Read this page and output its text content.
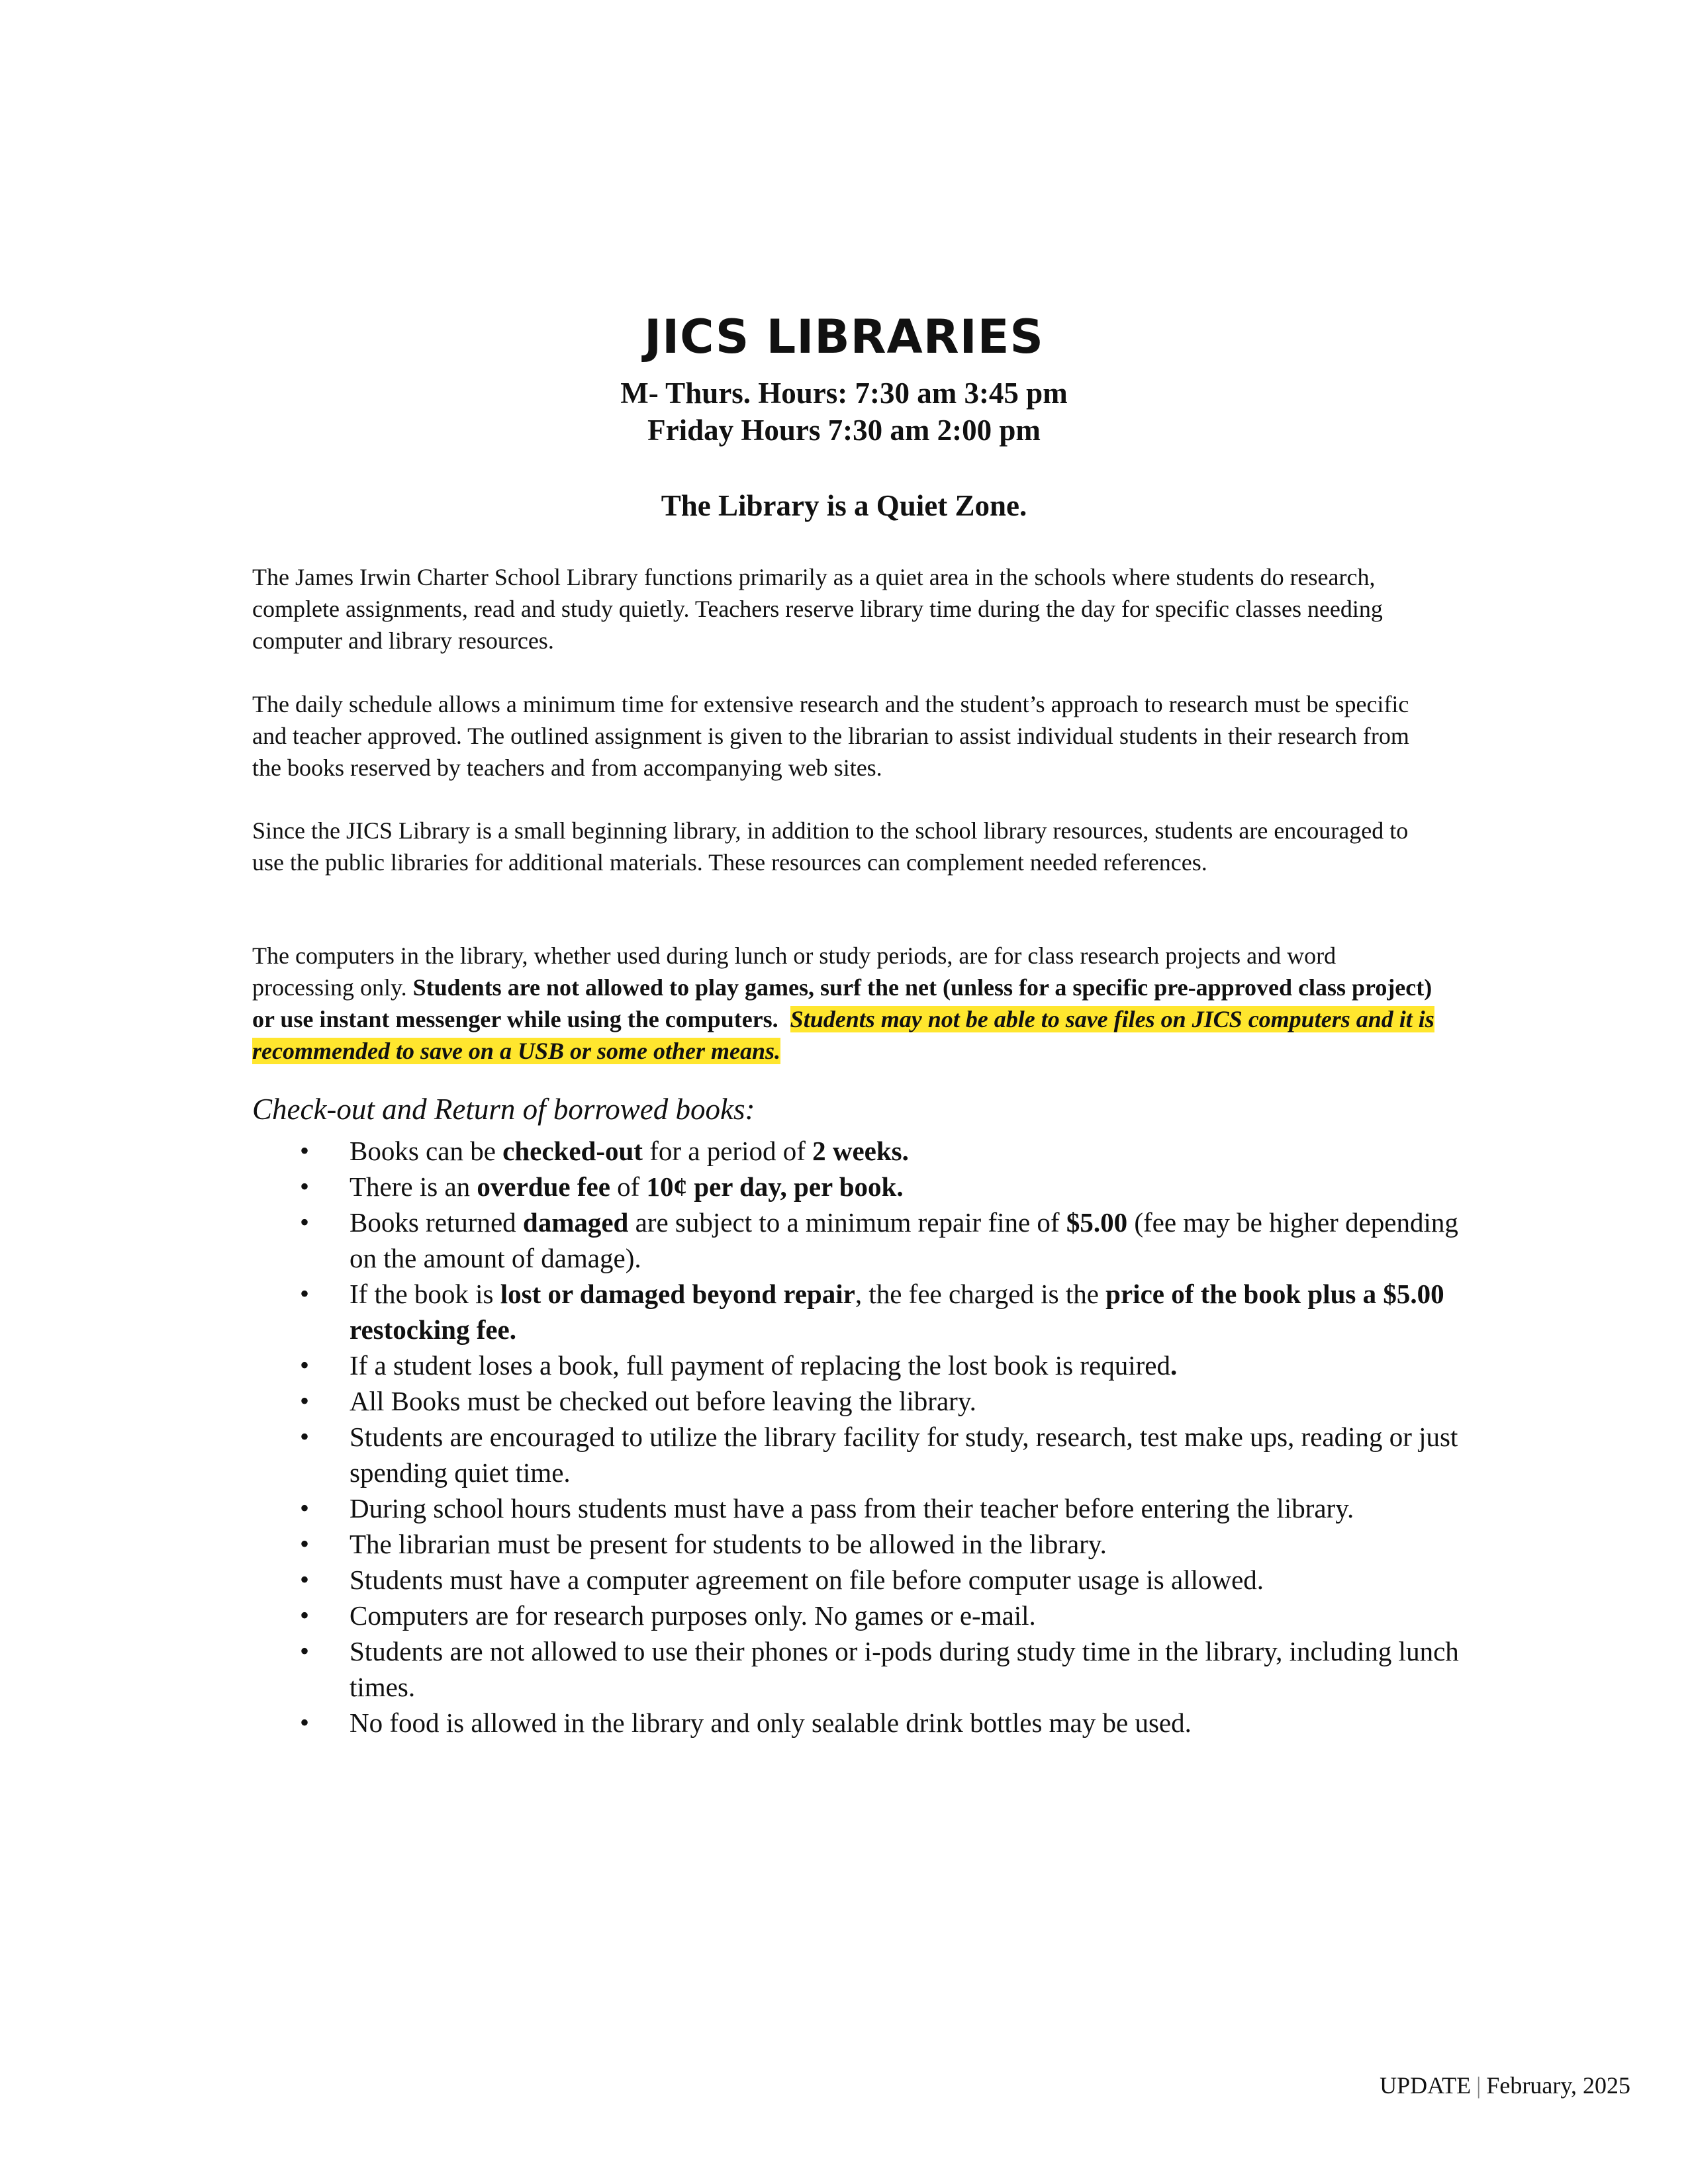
JICS LIBRARIES

M- Thurs. Hours: 7:30 am 3:45 pm

Friday Hours 7:30 am 2:00 pm

The Library is a Quiet Zone.

The James Irwin Charter School Library functions primarily as a quiet area in the schools where students do research, complete assignments, read and study quietly. Teachers reserve library time during the day for specific classes needing computer and library resources.

The daily schedule allows a minimum time for extensive research and the student’s approach to research must be specific and teacher approved. The outlined assignment is given to the librarian to assist individual students in their research from the books reserved by teachers and from accompanying web sites.

Since the JICS Library is a small beginning library, in addition to the school library resources, students are encouraged to use the public libraries for additional materials. These resources can complement needed references.

The computers in the library, whether used during lunch or study periods, are for class research projects and word processing only. Students are not allowed to play games, surf the net (unless for a specific pre-approved class project) or use instant messenger while using the computers. Students may not be able to save files on JICS computers and it is recommended to save on a USB or some other means.

Check-out and Return of borrowed books:

• Books can be checked-out for a period of 2 weeks.
• There is an overdue fee of 10¢ per day, per book.
• Books returned damaged are subject to a minimum repair fine of $5.00 (fee may be higher depending on the amount of damage).
• If the book is lost or damaged beyond repair, the fee charged is the price of the book plus a $5.00 restocking fee.
• If a student loses a book, full payment of replacing the lost book is required.
• All Books must be checked out before leaving the library.
• Students are encouraged to utilize the library facility for study, research, test make ups, reading or just spending quiet time.
• During school hours students must have a pass from their teacher before entering the library.
• The librarian must be present for students to be allowed in the library.
• Students must have a computer agreement on file before computer usage is allowed.
• Computers are for research purposes only. No games or e-mail.
• Students are not allowed to use their phones or i-pods during study time in the library, including lunch times.
• No food is allowed in the library and only sealable drink bottles may be used.

UPDATE | February, 2025
